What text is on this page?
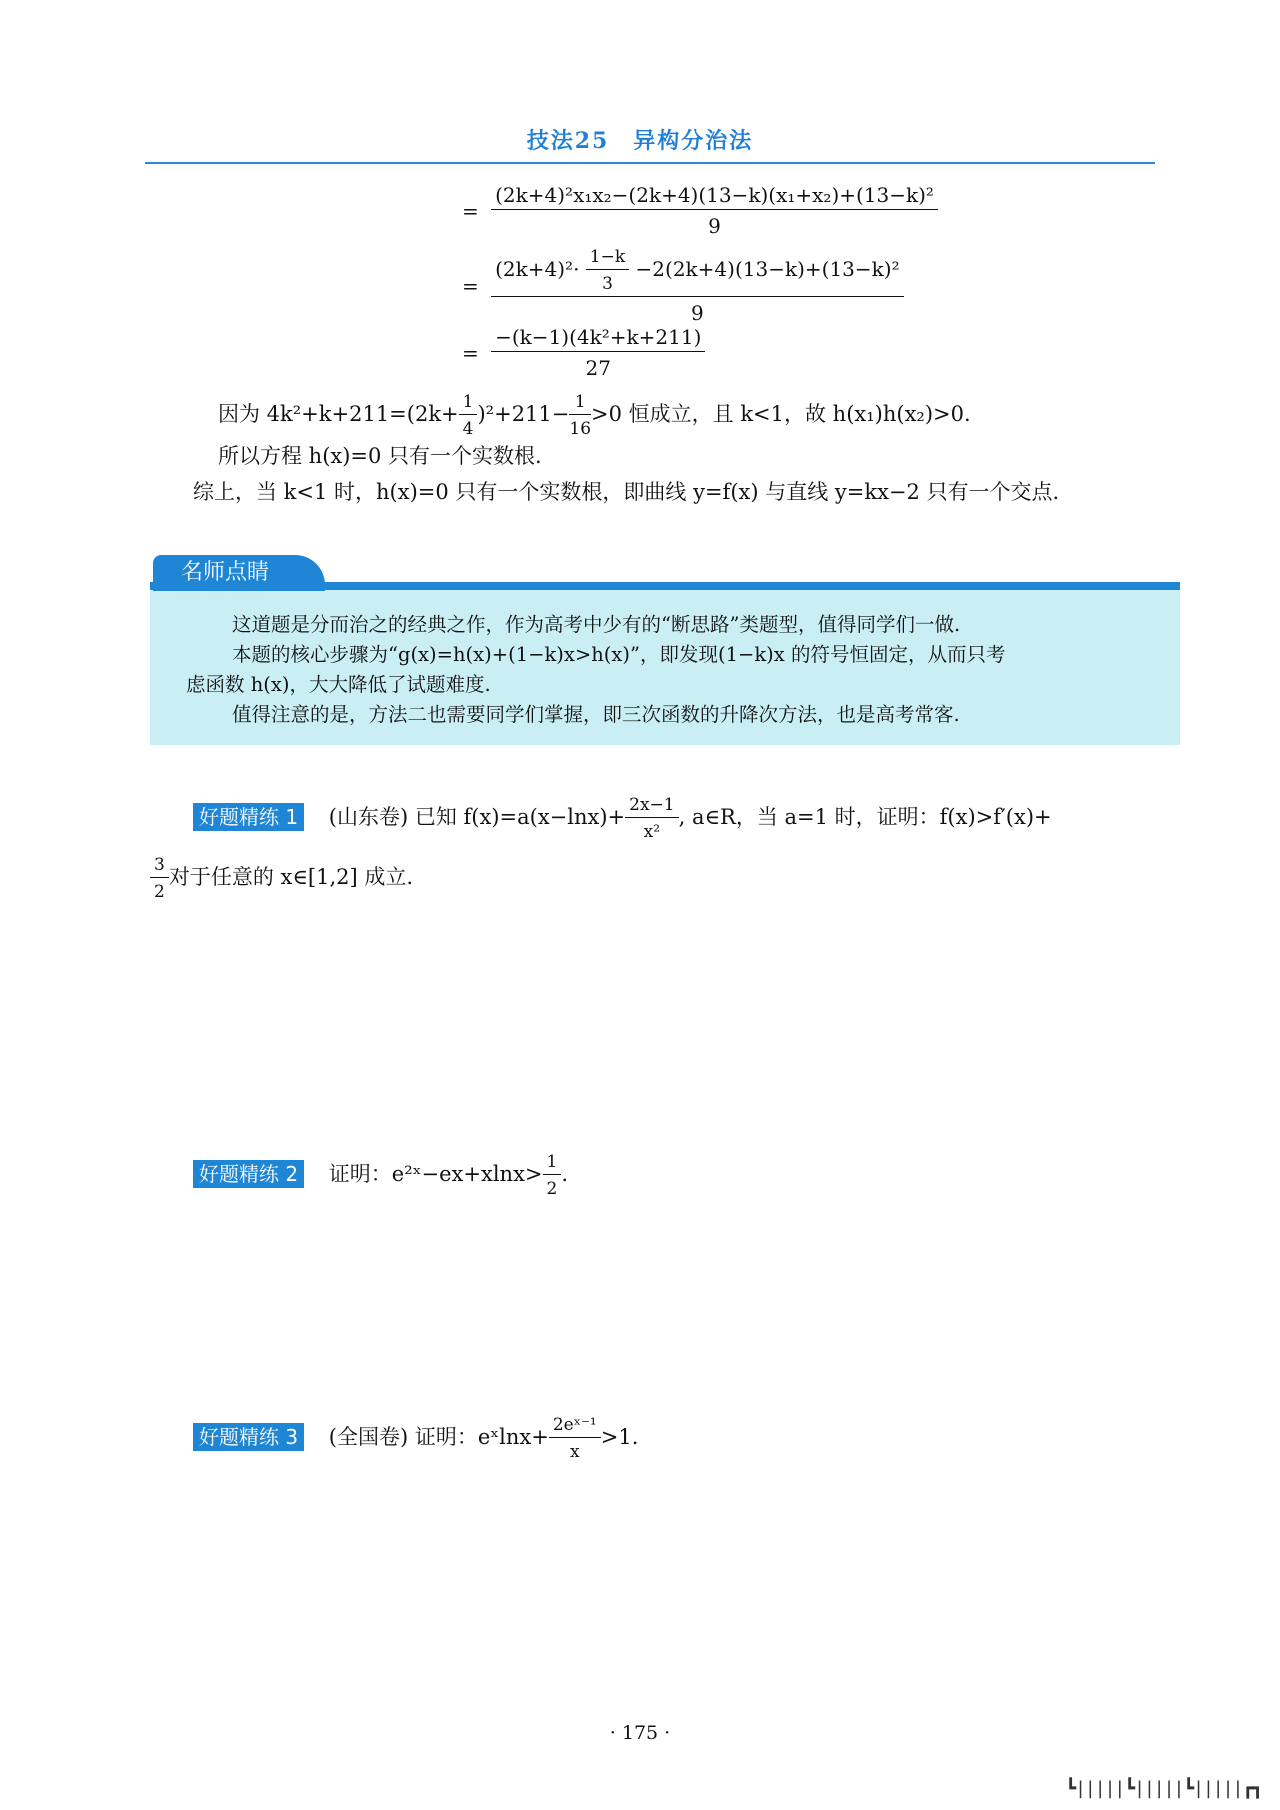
技法25　异构分治法
= $\frac{\text{(2k+4)²x₁x₂−(2k+4)(13−k)(x₁+x₂)+(13−k)²}}{9}$
=
$(2k+4)^2\cdot \frac{1-k}{3} -2(2k+4)(13-k)+(13-k)^2$
9
= $\frac{\text{−(k−1)(4k²+k+211)}}{27}$
因为 $4k^2+k+211=(2k+ \frac{1}{4} )^2+211- \frac{1}{16} >0$ 恒成立，且 k<1，故 h(x₁)h(x₂)>0.
所以方程 h(x)=0 只有一个实数根.
综上，当 k<1 时，h(x)=0 只有一个实数根，即曲线 y=f(x) 与直线 y=kx−2 只有一个交点.
名师点睛
这道题是分而治之的经典之作，作为高考中少有的“断思路”类题型，值得同学们一做.
本题的核心步骤为“g(x)=h(x)+(1−k)x>h(x)”，即发现(1−k)x 的符号恒固定，从而只考
虑函数 h(x)，大大降低了试题难度.
值得注意的是，方法二也需要同学们掌握，即三次函数的升降次方法，也是高考常客.
好题精练 1 (山东卷) 已知 $f(x)=a(x-\ln x)+ \frac{2x-1}{\text{x²}}$ , a∈R，当 a=1 时，证明：f(x)>f′(x)+
$\frac{3}{2}$ 对于任意的 x∈[1,2] 成立.
好题精练 2 证明：e²ˣ−ex+xlnx> $\frac{1}{2}$ .
好题精练 3 (全国卷) 证明：eˣlnx+ $\frac{\text{2eˣ⁻¹}}{x} >1$.
· 175 ·
┗|||||┗|||||┗|||||┏┓
